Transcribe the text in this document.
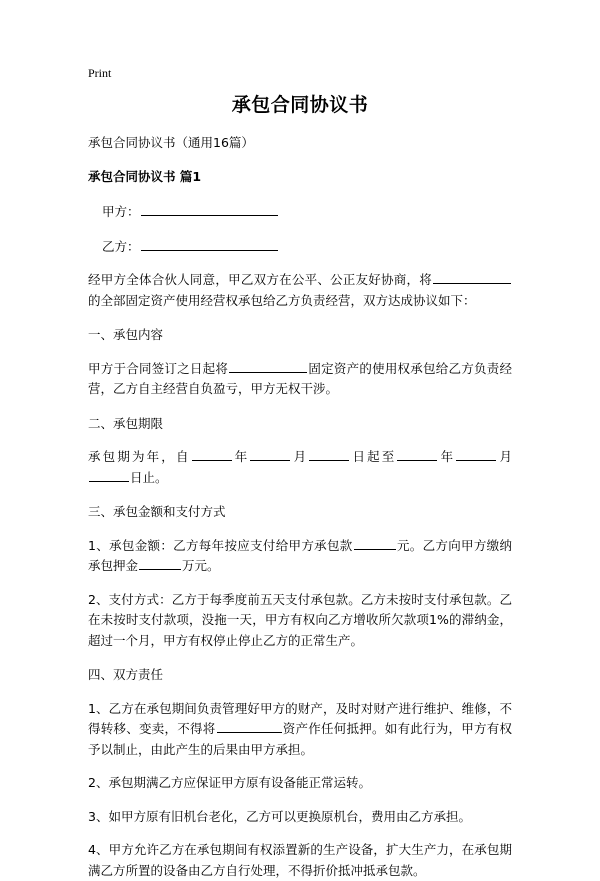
Print
承包合同协议书
承包合同协议书（通用16篇）
承包合同协议书 篇1
甲方：
乙方：

经甲方全体合伙人同意，甲乙双方在公平、公正友好协商，将的全部固定资产使用经营权承包给乙方负责经营，双方达成协议如下：

一、承包内容

甲方于合同签订之日起将	固定资产的使用权承包给乙方负责经营，乙方自主经营自负盈亏，甲方无权干涉。

二、承包期限

承包期为年，自	年	月	日起至	年	月日止。

三、承包金额和支付方式

1、承包金额：乙方每年按应支付给甲方承包款	元。乙方向甲方缴纳承包押金	万元。

2、支付方式：乙方于每季度前五天支付承包款。乙方未按时支付承包款。乙在未按时支付款项，没拖一天，甲方有权向乙方增收所欠款项1%的滞纳金，超过一个月，甲方有权停止停止乙方的正常生产。

四、双方责任

1、乙方在承包期间负责管理好甲方的财产，及时对财产进行维护、维修，不得转移、变卖，不得将	资产作任何抵押。如有此行为，甲方有权予以制止，由此产生的后果由甲方承担。

2、承包期满乙方应保证甲方原有设备能正常运转。

3、如甲方原有旧机台老化，乙方可以更换原机台，费用由乙方承担。

4、甲方允许乙方在承包期间有权添置新的生产设备，扩大生产力，在承包期满乙方所置的设备由乙方自行处理，不得折价抵冲抵承包款。
